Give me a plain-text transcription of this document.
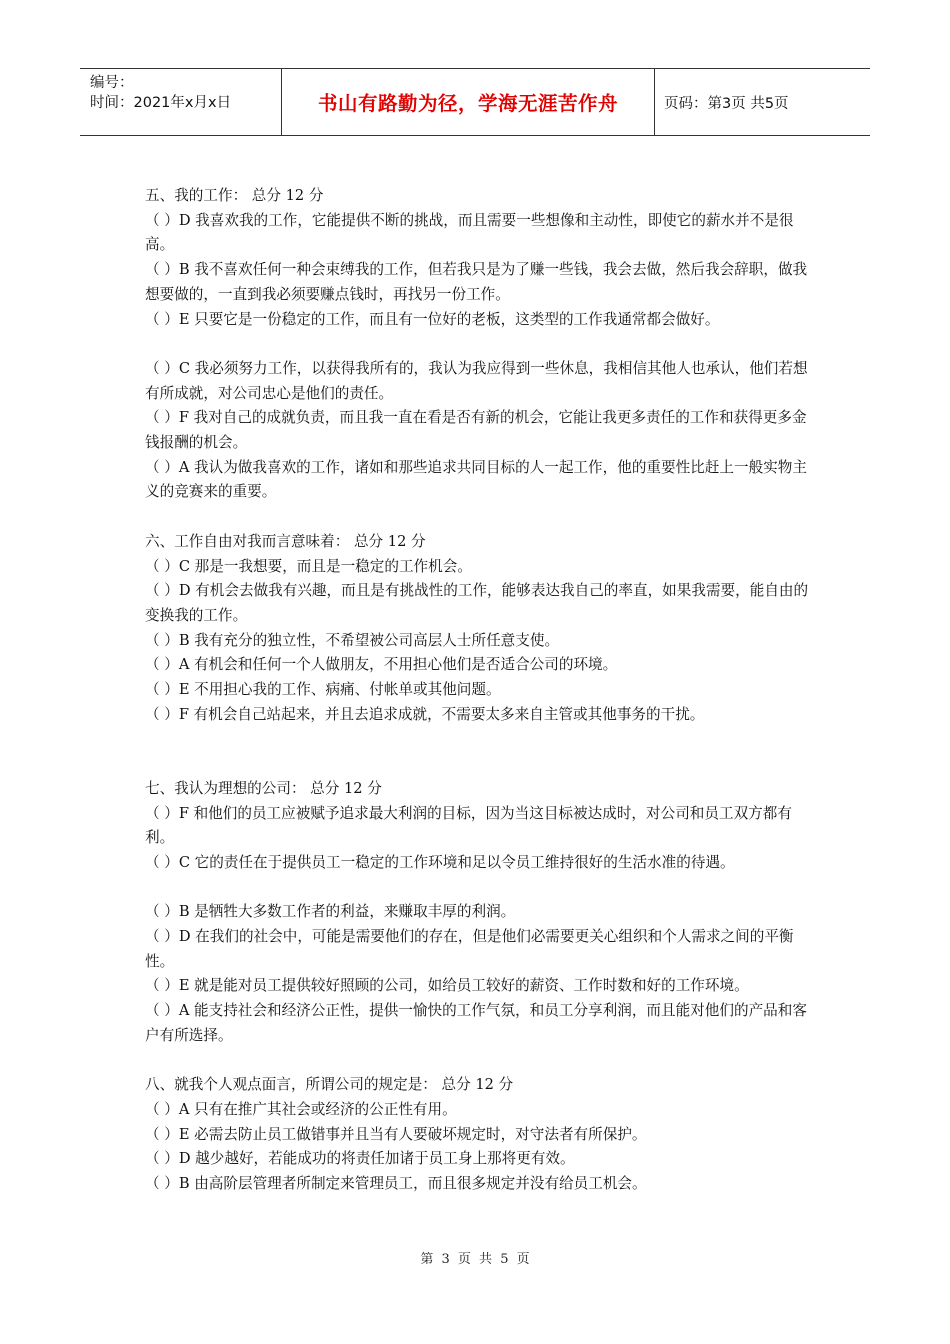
编号：
时间：2021年x月x日	书山有路勤为径，学海无涯苦作舟	页码：第3页 共5页

五、我的工作： 总分 12 分

（ ）D 我喜欢我的工作，它能提供不断的挑战，而且需要一些想像和主动性，即使它的薪水并不是很高。

（ ）B 我不喜欢任何一种会束缚我的工作，但若我只是为了赚一些钱，我会去做，然后我会辞职，做我想要做的，一直到我必须要赚点钱时，再找另一份工作。

（ ）E 只要它是一份稳定的工作，而且有一位好的老板，这类型的工作我通常都会做好。

（ ）C 我必须努力工作，以获得我所有的，我认为我应得到一些休息，我相信其他人也承认，他们若想有所成就，对公司忠心是他们的责任。

（ ）F 我对自己的成就负责，而且我一直在看是否有新的机会，它能让我更多责任的工作和获得更多金钱报酬的机会。

（ ）A 我认为做我喜欢的工作，诸如和那些追求共同目标的人一起工作，他的重要性比赶上一般实物主义的竞赛来的重要。

六、工作自由对我而言意味着： 总分 12 分

（ ）C 那是一我想要，而且是一稳定的工作机会。

（ ）D 有机会去做我有兴趣，而且是有挑战性的工作，能够表达我自己的率直，如果我需要，能自由的变换我的工作。

（ ）B 我有充分的独立性，不希望被公司高层人士所任意支使。

（ ）A 有机会和任何一个人做朋友，不用担心他们是否适合公司的环境。

（ ）E 不用担心我的工作、病痛、付帐单或其他问题。

（ ）F 有机会自己站起来，并且去追求成就，不需要太多来自主管或其他事务的干扰。

七、我认为理想的公司： 总分 12 分

（ ）F 和他们的员工应被赋予追求最大利润的目标，因为当这目标被达成时，对公司和员工双方都有利。

（ ）C 它的责任在于提供员工一稳定的工作环境和足以令员工维持很好的生活水准的待遇。

（ ）B 是牺牲大多数工作者的利益，来赚取丰厚的利润。

（ ）D 在我们的社会中，可能是需要他们的存在，但是他们必需要更关心组织和个人需求之间的平衡性。

（ ）E 就是能对员工提供较好照顾的公司，如给员工较好的薪资、工作时数和好的工作环境。

（ ）A 能支持社会和经济公正性，提供一愉快的工作气氛，和员工分享利润，而且能对他们的产品和客户有所选择。

八、就我个人观点面言，所谓公司的规定是： 总分 12 分

（ ）A 只有在推广其社会或经济的公正性有用。

（ ）E 必需去防止员工做错事并且当有人要破坏规定时，对守法者有所保护。

（ ）D 越少越好，若能成功的将责任加诸于员工身上那将更有效。

（ ）B 由高阶层管理者所制定来管理员工，而且很多规定并没有给员工机会。

第 3 页 共 5 页
